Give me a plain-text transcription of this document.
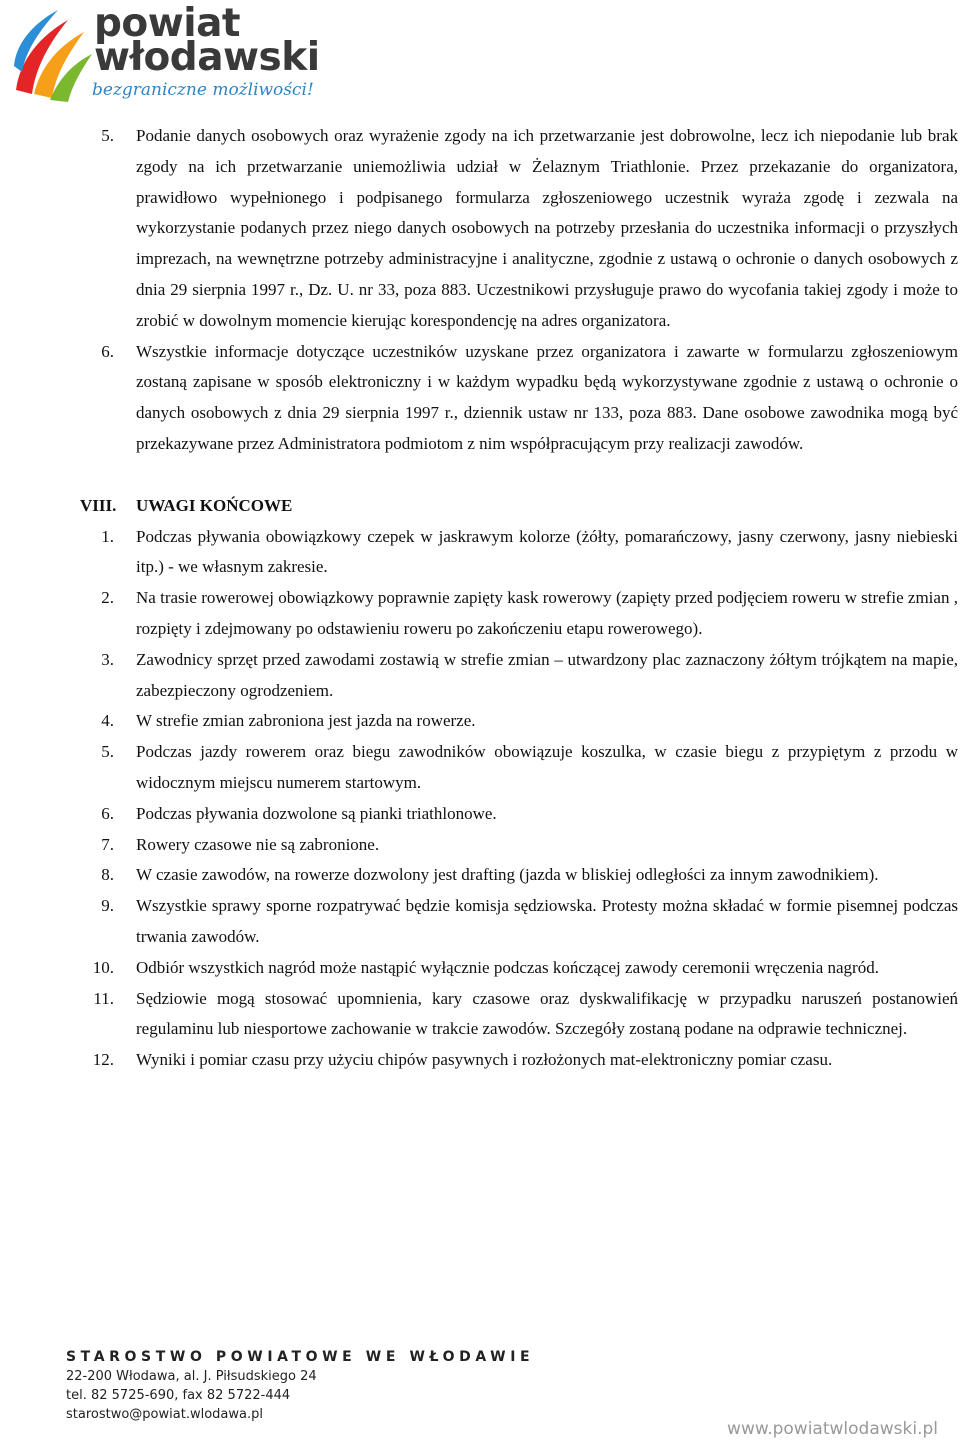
powiat
włodawski
bezgraniczne możliwości!
5. Podanie danych osobowych oraz wyrażenie zgody na ich przetwarzanie jest dobrowolne, lecz ich niepodanie lub brak zgody na ich przetwarzanie uniemożliwia udział w Żelaznym Triathlonie. Przez przekazanie do organizatora, prawidłowo wypełnionego i podpisanego formularza zgłoszeniowego uczestnik wyraża zgodę i zezwala na wykorzystanie podanych przez niego danych osobowych na potrzeby przesłania do uczestnika informacji o przyszłych imprezach, na wewnętrzne potrzeby administracyjne i analityczne, zgodnie z ustawą o ochronie o danych osobowych z dnia 29 sierpnia 1997 r., Dz. U. nr 33, poza 883. Uczestnikowi przysługuje prawo do wycofania takiej zgody i może to zrobić w dowolnym momencie kierując korespondencję na adres organizatora.
6. Wszystkie informacje dotyczące uczestników uzyskane przez organizatora i zawarte w formularzu zgłoszeniowym zostaną zapisane w sposób elektroniczny i w każdym wypadku będą wykorzystywane zgodnie z ustawą o ochronie o danych osobowych z dnia 29 sierpnia 1997 r., dziennik ustaw nr 133, poza 883. Dane osobowe zawodnika mogą być przekazywane przez Administratora podmiotom z nim współpracującym przy realizacji zawodów.
VIII. UWAGI KOŃCOWE
1. Podczas pływania obowiązkowy czepek w jaskrawym kolorze (żółty, pomarańczowy, jasny czerwony, jasny niebieski itp.) - we własnym zakresie.
2. Na trasie rowerowej obowiązkowy poprawnie zapięty kask rowerowy (zapięty przed podjęciem roweru w strefie zmian , rozpięty i zdejmowany po odstawieniu roweru po zakończeniu etapu rowerowego).
3. Zawodnicy sprzęt przed zawodami zostawią w strefie zmian – utwardzony plac zaznaczony żółtym trójkątem na mapie, zabezpieczony ogrodzeniem.
4. W strefie zmian zabroniona jest jazda na rowerze.
5. Podczas jazdy rowerem oraz biegu zawodników obowiązuje koszulka, w czasie biegu z przypiętym z przodu w widocznym miejscu numerem startowym.
6. Podczas pływania dozwolone są pianki triathlonowe.
7. Rowery czasowe nie są zabronione.
8. W czasie zawodów, na rowerze dozwolony jest drafting (jazda w bliskiej odległości za innym zawodnikiem).
9. Wszystkie sprawy sporne rozpatrywać będzie komisja sędziowska. Protesty można składać w formie pisemnej podczas trwania zawodów.
10. Odbiór wszystkich nagród może nastąpić wyłącznie podczas kończącej zawody ceremonii wręczenia nagród.
11. Sędziowie mogą stosować upomnienia, kary czasowe oraz dyskwalifikację w przypadku naruszeń postanowień regulaminu lub niesportowe zachowanie w trakcie zawodów. Szczegóły zostaną podane na odprawie technicznej.
12. Wyniki i pomiar czasu przy użyciu chipów pasywnych i rozłożonych mat-elektroniczny pomiar czasu.
STAROSTWO POWIATOWE WE WŁODAWIE
22-200 Włodawa, al. J. Piłsudskiego 24
tel. 82 5725-690, fax 82 5722-444
starostwo@powiat.wlodawa.pl
www.powiatwlodawski.pl
